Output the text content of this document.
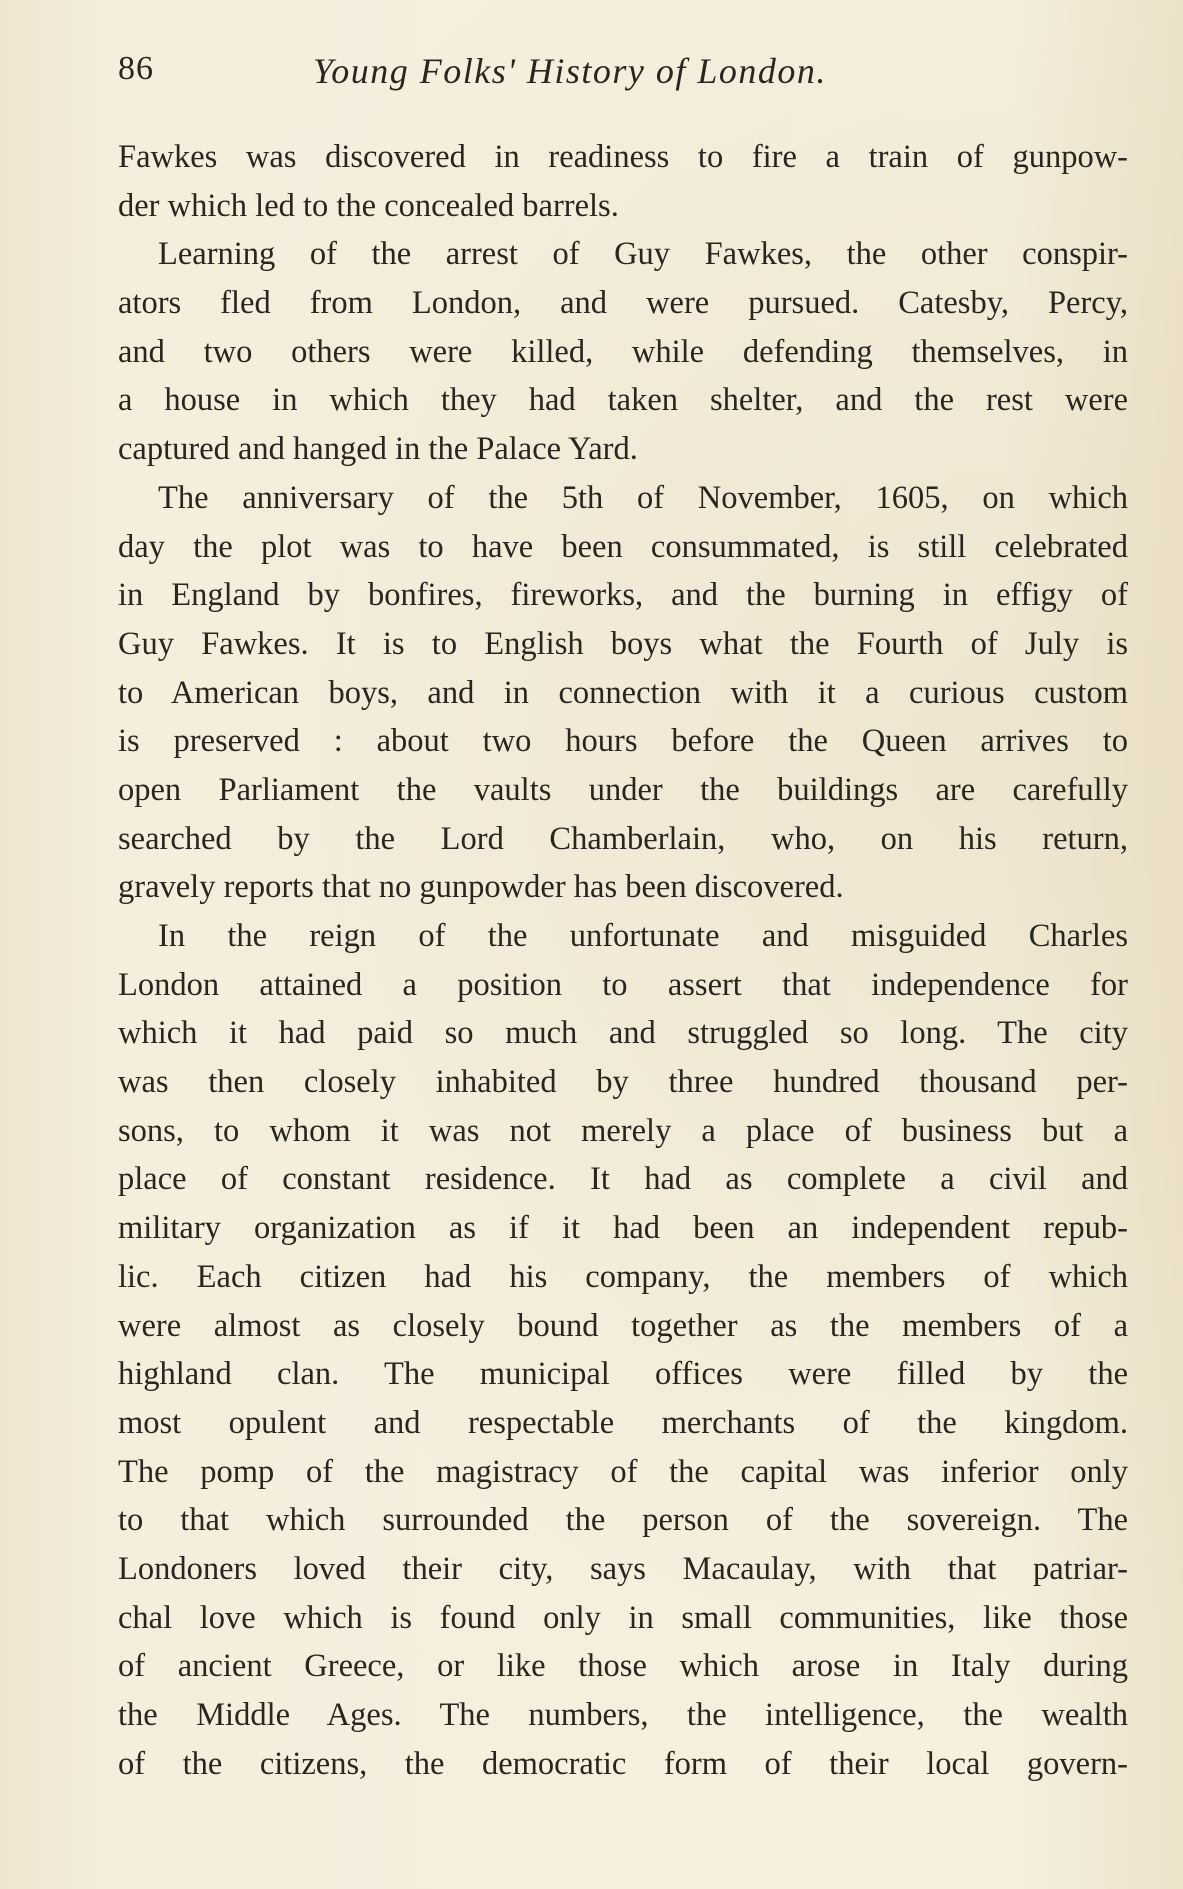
86	Young Folks' History of London.
Fawkes was discovered in readiness to fire a train of gunpow-
der which led to the concealed barrels.
Learning of the arrest of Guy Fawkes, the other conspir-
ators fled from London, and were pursued. Catesby, Percy,
and two others were killed, while defending themselves, in
a house in which they had taken shelter, and the rest were
captured and hanged in the Palace Yard.
The anniversary of the 5th of November, 1605, on which
day the plot was to have been consummated, is still celebrated
in England by bonfires, fireworks, and the burning in effigy of
Guy Fawkes. It is to English boys what the Fourth of July is
to American boys, and in connection with it a curious custom
is preserved : about two hours before the Queen arrives to
open Parliament the vaults under the buildings are carefully
searched by the Lord Chamberlain, who, on his return,
gravely reports that no gunpowder has been discovered.
In the reign of the unfortunate and misguided Charles
London attained a position to assert that independence for
which it had paid so much and struggled so long. The city
was then closely inhabited by three hundred thousand per-
sons, to whom it was not merely a place of business but a
place of constant residence. It had as complete a civil and
military organization as if it had been an independent repub-
lic. Each citizen had his company, the members of which
were almost as closely bound together as the members of a
highland clan. The municipal offices were filled by the
most opulent and respectable merchants of the kingdom.
The pomp of the magistracy of the capital was inferior only
to that which surrounded the person of the sovereign. The
Londoners loved their city, says Macaulay, with that patriar-
chal love which is found only in small communities, like those
of ancient Greece, or like those which arose in Italy during
the Middle Ages. The numbers, the intelligence, the wealth
of the citizens, the democratic form of their local govern-
